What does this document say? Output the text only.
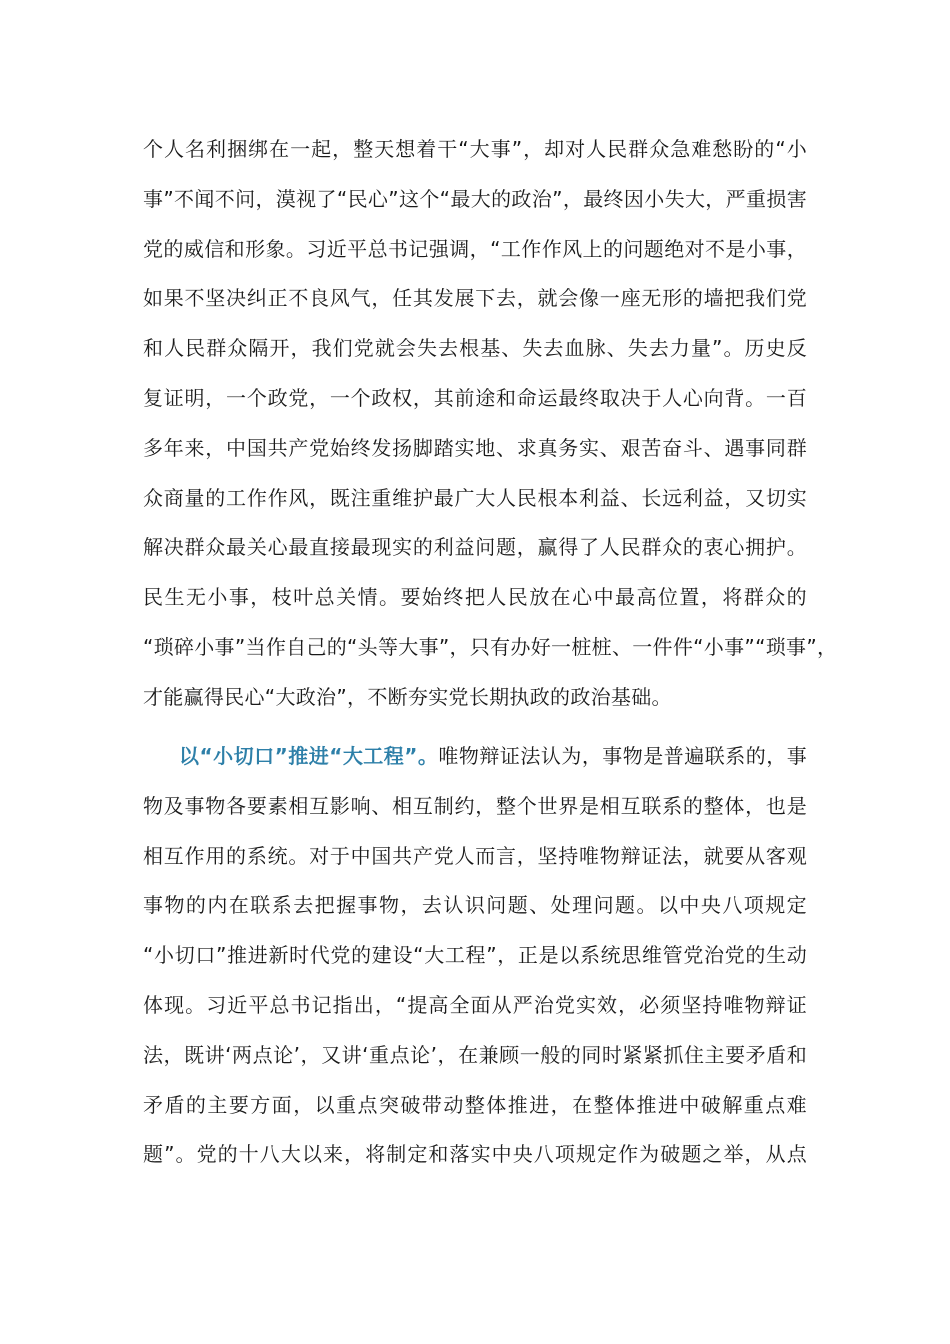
个人名利捆绑在一起，整天想着干“大事”，却对人民群众急难愁盼的“小
事”不闻不问，漠视了“民心”这个“最大的政治”，最终因小失大，严重损害
党的威信和形象。习近平总书记强调，“工作作风上的问题绝对不是小事，
如果不坚决纠正不良风气，任其发展下去，就会像一座无形的墙把我们党
和人民群众隔开，我们党就会失去根基、失去血脉、失去力量”。历史反
复证明，一个政党，一个政权，其前途和命运最终取决于人心向背。一百
多年来，中国共产党始终发扬脚踏实地、求真务实、艰苦奋斗、遇事同群
众商量的工作作风，既注重维护最广大人民根本利益、长远利益，又切实
解决群众最关心最直接最现实的利益问题，赢得了人民群众的衷心拥护。
民生无小事，枝叶总关情。要始终把人民放在心中最高位置，将群众的
“琐碎小事”当作自己的“头等大事”，只有办好一桩桩、一件件“小事”“琐事”，
才能赢得民心“大政治”，不断夯实党长期执政的政治基础。
以“小切口”推进“大工程”。唯物辩证法认为，事物是普遍联系的，事
物及事物各要素相互影响、相互制约，整个世界是相互联系的整体，也是
相互作用的系统。对于中国共产党人而言，坚持唯物辩证法，就要从客观
事物的内在联系去把握事物，去认识问题、处理问题。以中央八项规定
“小切口”推进新时代党的建设“大工程”，正是以系统思维管党治党的生动
体现。习近平总书记指出，“提高全面从严治党实效，必须坚持唯物辩证
法，既讲‘两点论’，又讲‘重点论’，在兼顾一般的同时紧紧抓住主要矛盾和
矛盾的主要方面，以重点突破带动整体推进，在整体推进中破解重点难
题”。党的十八大以来，将制定和落实中央八项规定作为破题之举，从点
